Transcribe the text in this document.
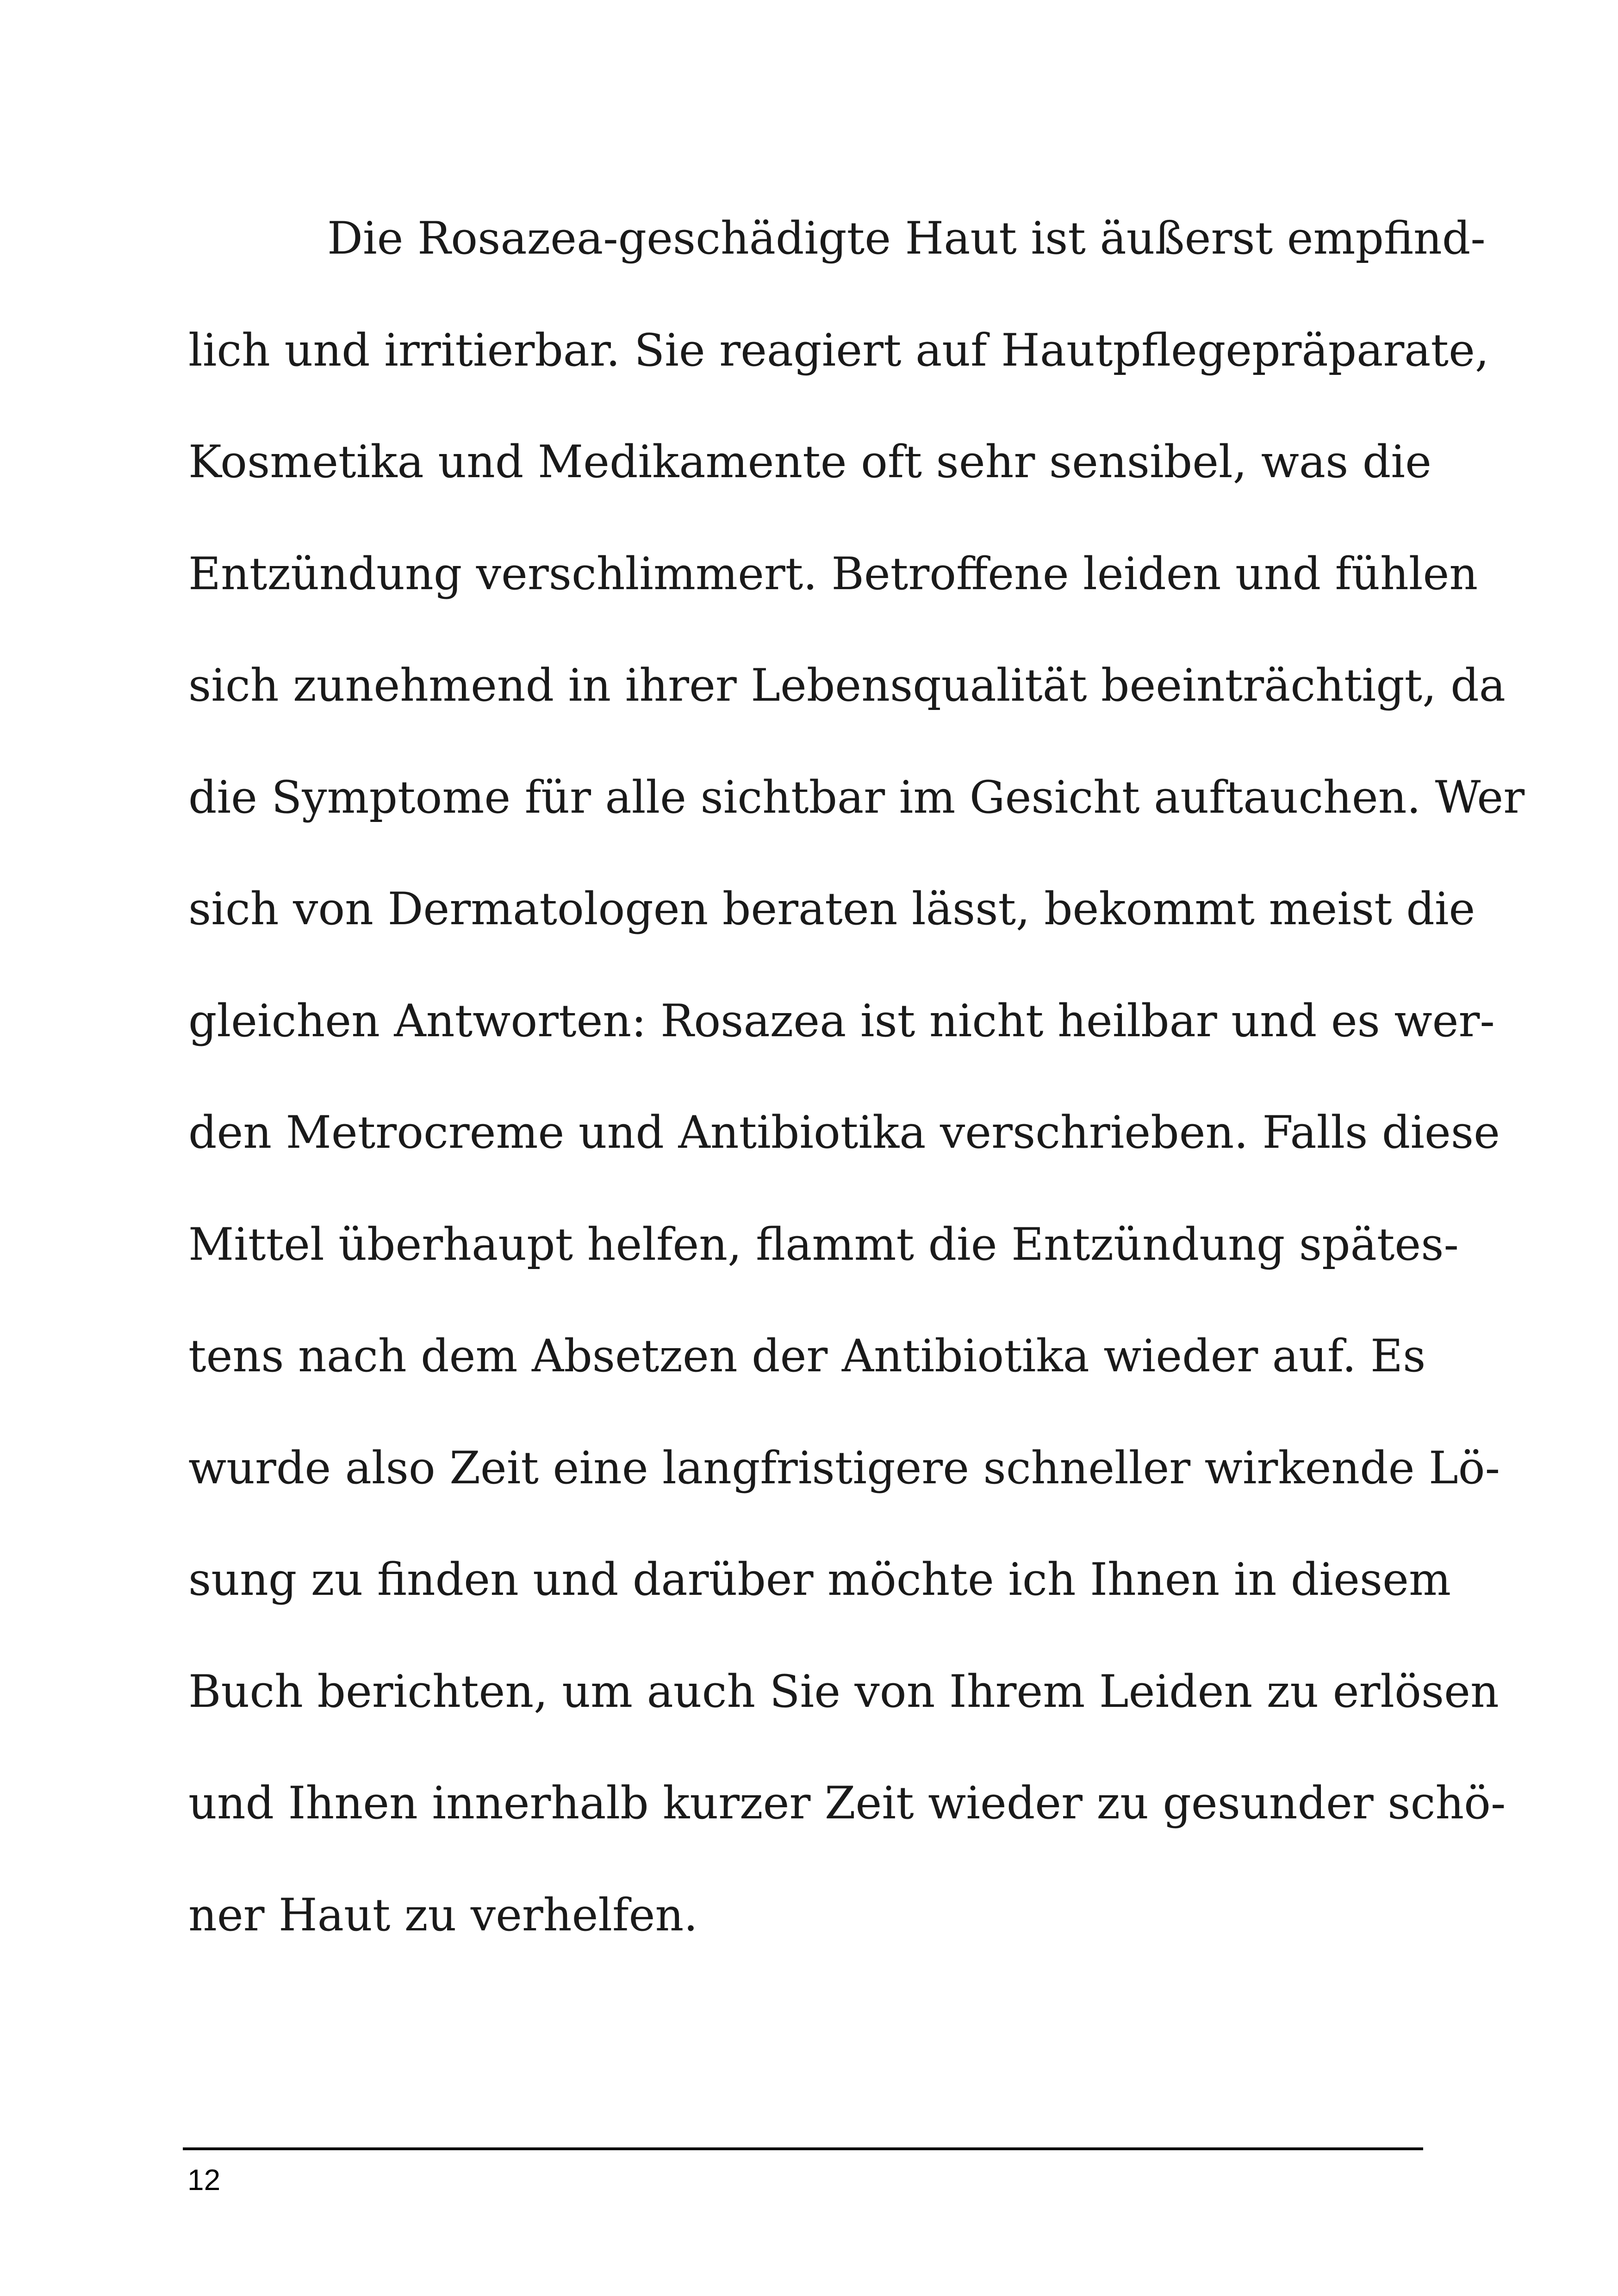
Die Rosazea-geschädigte Haut ist äußerst empfind-
lich und irritierbar. Sie reagiert auf Hautpflegepräparate,
Kosmetika und Medikamente oft sehr sensibel, was die
Entzündung verschlimmert. Betroffene leiden und fühlen
sich zunehmend in ihrer Lebensqualität beeinträchtigt, da
die Symptome für alle sichtbar im Gesicht auftauchen. Wer
sich von Dermatologen beraten lässt, bekommt meist die
gleichen Antworten: Rosazea ist nicht heilbar und es wer-
den Metrocreme und Antibiotika verschrieben. Falls diese
Mittel überhaupt helfen, flammt die Entzündung spätes-
tens nach dem Absetzen der Antibiotika wieder auf. Es
wurde also Zeit eine langfristigere schneller wirkende Lö-
sung zu finden und darüber möchte ich Ihnen in diesem
Buch berichten, um auch Sie von Ihrem Leiden zu erlösen
und Ihnen innerhalb kurzer Zeit wieder zu gesunder schö-
ner Haut zu verhelfen.
12
